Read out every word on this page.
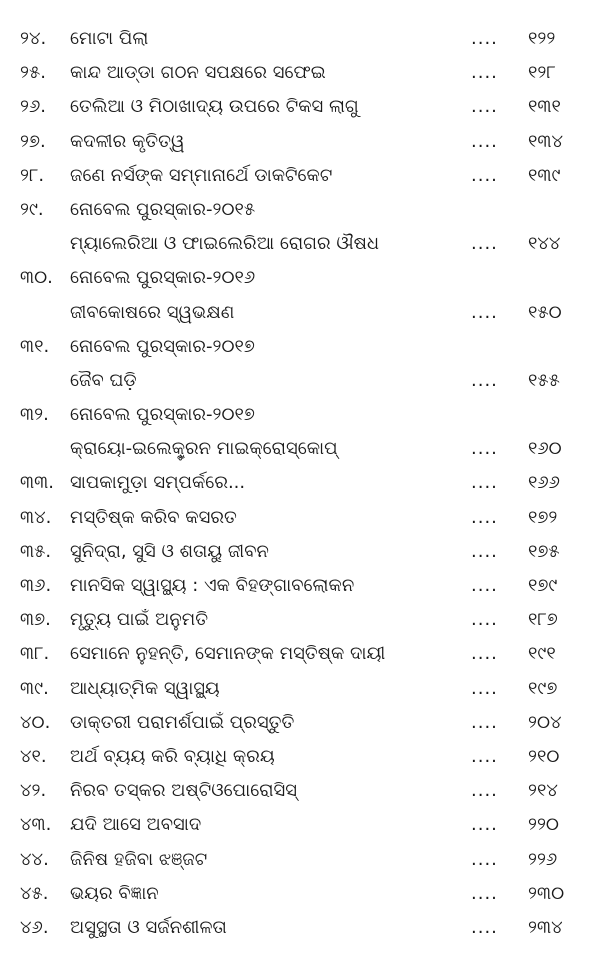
୨୪.	ମୋଟା ପିଲା	.... ୧୨୨
୨୫.	କାନ୍ଦ ଆଡ୍‌ଡା ଗଠନ ସପକ୍ଷରେ ସଫେଇ	.... ୧୨୮
୨୬.	ତେଲିଆ ଓ ମିଠାଖାଦ୍ୟ ଉପରେ ଟିକସ ଲାଗୁ	.... ୧୩୧
୨୭.	କଦଳୀର କୃତିତ୍ୱ	.... ୧୩୪
୨୮.	ଜଣେ ନର୍ସଙ୍କ ସମ୍ମାନାର୍ଥେ ଡାକଟିକେଟ	.... ୧୩୯
୨୯.	ନୋବେଲ ପୁରସ୍କାର-୨୦୧୫
ମ୍ୟାଲେରିଆ ଓ ଫାଇଲେରିଆ ରୋଗର ଔଷଧ	.... ୧୪୪
୩୦. ନୋବେଲ ପୁରସ୍କାର-୨୦୧୬
ଜୀବକୋଷରେ ସ୍ୱଭକ୍ଷଣ	.... ୧୫୦
୩୧.	ନୋବେଲ ପୁରସ୍କାର-୨୦୧୭
ଜୈବ ଘଡ଼ି	.... ୧୫୫
୩୨.	ନୋବେଲ ପୁରସ୍କାର-୨୦୧୭
କ୍ରାୟୋ-ଇଲେକ୍ଟ୍ରନ ମାଇକ୍ରୋସ୍କୋପ୍	.... ୧୬୦
୩୩. ସାପକାମୁଡ଼ା ସମ୍ପର୍କରେ...	.... ୧୬୬
୩୪.	ମସ୍ତିଷ୍କ କରିବ କସରତ	.... ୧୭୨
୩୫.	ସୁନିଦ୍ରା, ସୁସି ଓ ଶତାୟୁ ଜୀବନ	.... ୧୭୫
୩୬.	ମାନସିକ ସ୍ୱାସ୍ଥ୍ୟ : ଏକ ବିହଙ୍ଗାବଲୋକନ	.... ୧୭୯
୩୭.	ମୃତ୍ୟୁ ପାଇଁ ଅନୁମତି	.... ୧୮୭
୩୮.	ସେମାନେ ନୁହନ୍ତି, ସେମାନଙ୍କ ମସ୍ତିଷ୍କ ଦାୟୀ	.... ୧୯୧
୩୯.	ଆଧ୍ୟାତ୍ମିକ ସ୍ୱାସ୍ଥ୍ୟ	.... ୧୯୭
୪୦.	ଡାକ୍ତରୀ ପରାମର୍ଶପାଇଁ ପ୍ରସ୍ତୁତି	.... ୨୦୪
୪୧.	ଅର୍ଥ ବ୍ୟୟ କରି ବ୍ୟାଧି କ୍ରୟ	.... ୨୧୦
୪୨.	ନିରବ ତସ୍କର ଅଷ୍ଟିଓପୋରୋସିସ୍	.... ୨୧୪
୪୩.	ଯଦି ଆସେ ଅବସାଦ	.... ୨୨୦
୪୪.	ଜିନିଷ ହଜିବା ଝଞ୍ଜଟ	.... ୨୨୬
୪୫.	ଭୟର ବିଜ୍ଞାନ	.... ୨୩୦
୪୬.	ଅସୁସ୍ଥତା ଓ ସର୍ଜନଶୀଳତା	.... ୨୩୪
